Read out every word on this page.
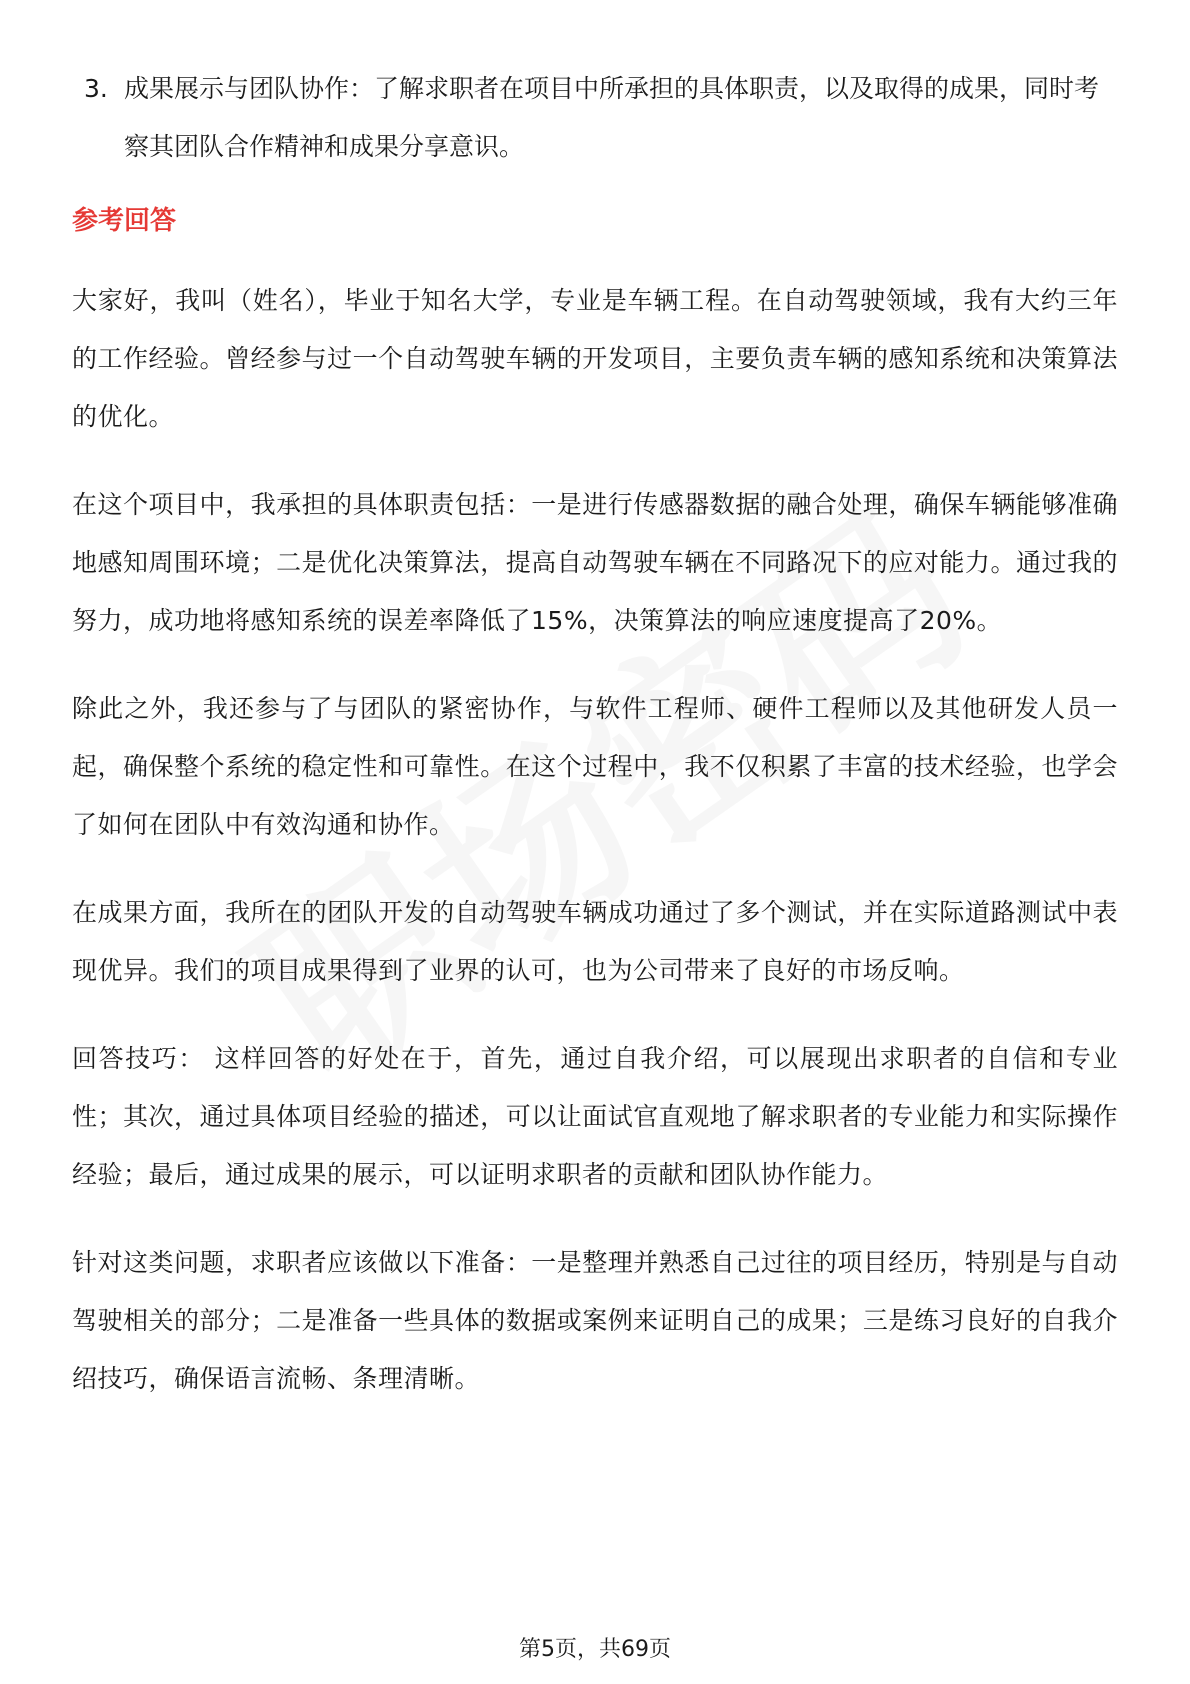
3. 成果展示与团队协作：了解求职者在项目中所承担的具体职责，以及取得的成果，同时考察其团队合作精神和成果分享意识。
参考回答

大家好，我叫（姓名），毕业于知名大学，专业是车辆工程。在自动驾驶领域，我有大约三年的工作经验。曾经参与过一个自动驾驶车辆的开发项目，主要负责车辆的感知系统和决策算法的优化。

在这个项目中，我承担的具体职责包括：一是进行传感器数据的融合处理，确保车辆能够准确地感知周围环境；二是优化决策算法，提高自动驾驶车辆在不同路况下的应对能力。通过我的努力，成功地将感知系统的误差率降低了15%，决策算法的响应速度提高了20%。

除此之外，我还参与了与团队的紧密协作，与软件工程师、硬件工程师以及其他研发人员一起，确保整个系统的稳定性和可靠性。在这个过程中，我不仅积累了丰富的技术经验，也学会了如何在团队中有效沟通和协作。

在成果方面，我所在的团队开发的自动驾驶车辆成功通过了多个测试，并在实际道路测试中表现优异。我们的项目成果得到了业界的认可，也为公司带来了良好的市场反响。

回答技巧： 这样回答的好处在于，首先，通过自我介绍，可以展现出求职者的自信和专业性；其次，通过具体项目经验的描述，可以让面试官直观地了解求职者的专业能力和实际操作经验；最后，通过成果的展示，可以证明求职者的贡献和团队协作能力。

针对这类问题，求职者应该做以下准备：一是整理并熟悉自己过往的项目经历，特别是与自动驾驶相关的部分；二是准备一些具体的数据或案例来证明自己的成果；三是练习良好的自我介绍技巧，确保语言流畅、条理清晰。

第5页，共69页
